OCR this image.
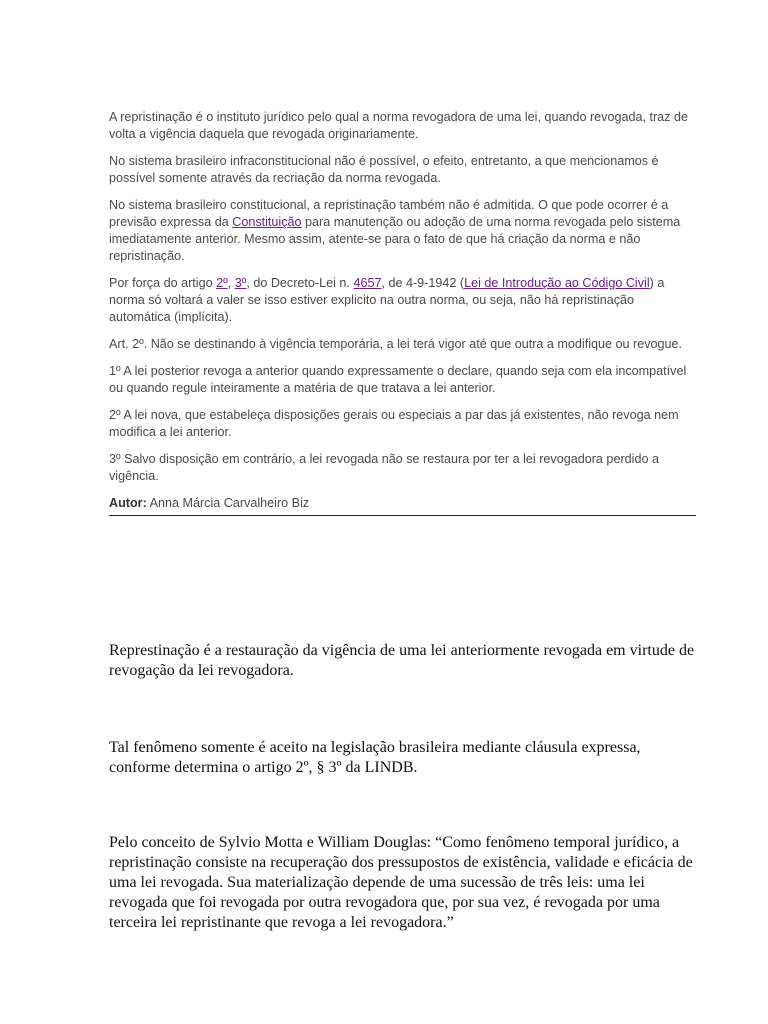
A repristinação é o instituto jurídico pelo qual a norma revogadora de uma lei, quando revogada, traz de volta a vigência daquela que revogada originariamente.

No sistema brasileiro infraconstitucional não é possível, o efeito, entretanto, a que mencionamos é possível somente através da recriação da norma revogada.

No sistema brasileiro constitucional, a repristinação também não é admitida. O que pode ocorrer é a previsão expressa da Constituição para manutenção ou adoção de uma norma revogada pelo sistema imediatamente anterior. Mesmo assim, atente-se para o fato de que há criação da norma e não repristinação.

Por força do artigo 2º, 3º, do Decreto-Lei n. 4657, de 4-9-1942 (Lei de Introdução ao Código Civil) a norma só voltará a valer se isso estiver explicito na outra norma, ou seja, não há repristinação automática (implícita).

Art. 2º. Não se destinando à vigência temporária, a lei terá vigor até que outra a modifique ou revogue.

1º A lei posterior revoga a anterior quando expressamente o declare, quando seja com ela incompatível ou quando regule inteiramente a matéria de que tratava a lei anterior.

2º A lei nova, que estabeleça disposições gerais ou especiais a par das já existentes, não revoga nem modifica a lei anterior.

3º Salvo disposição em contrário, a lei revogada não se restaura por ter a lei revogadora perdido a vigência.

Autor: Anna Márcia Carvalheiro Biz

Represtinação é a restauração da vigência de uma lei anteriormente revogada em virtude de revogação da lei revogadora.

Tal fenômeno somente é aceito na legislação brasileira mediante cláusula expressa, conforme determina o artigo 2º, § 3º da LINDB.

Pelo conceito de Sylvio Motta e William Douglas: “Como fenômeno temporal jurídico, a repristinação consiste na recuperação dos pressupostos de existência, validade e eficácia de uma lei revogada. Sua materialização depende de uma sucessão de três leis: uma lei revogada que foi revogada por outra revogadora que, por sua vez, é revogada por uma terceira lei repristinante que revoga a lei revogadora.”
